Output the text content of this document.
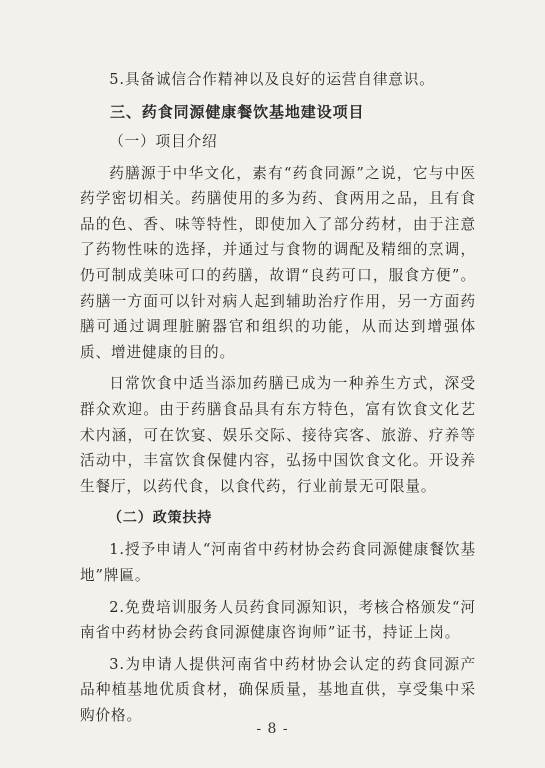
5.具备诚信合作精神以及良好的运营自律意识。

三、药食同源健康餐饮基地建设项目

（一）项目介绍

药膳源于中华文化，素有“药食同源”之说，它与中医药学密切相关。药膳使用的多为药、食两用之品，且有食品的色、香、味等特性，即使加入了部分药材，由于注意了药物性味的选择，并通过与食物的调配及精细的烹调，仍可制成美味可口的药膳，故谓“良药可口，服食方便”。药膳一方面可以针对病人起到辅助治疗作用，另一方面药膳可通过调理脏腑器官和组织的功能，从而达到增强体质、增进健康的目的。

日常饮食中适当添加药膳已成为一种养生方式，深受群众欢迎。由于药膳食品具有东方特色，富有饮食文化艺术内涵，可在饮宴、娱乐交际、接待宾客、旅游、疗养等活动中，丰富饮食保健内容，弘扬中国饮食文化。开设养生餐厅，以药代食，以食代药，行业前景无可限量。

（二）政策扶持

1.授予申请人“河南省中药材协会药食同源健康餐饮基地”牌匾。

2.免费培训服务人员药食同源知识，考核合格颁发“河南省中药材协会药食同源健康咨询师”证书，持证上岗。

3.为申请人提供河南省中药材协会认定的药食同源产品种植基地优质食材，确保质量，基地直供，享受集中采购价格。

- 8 -
